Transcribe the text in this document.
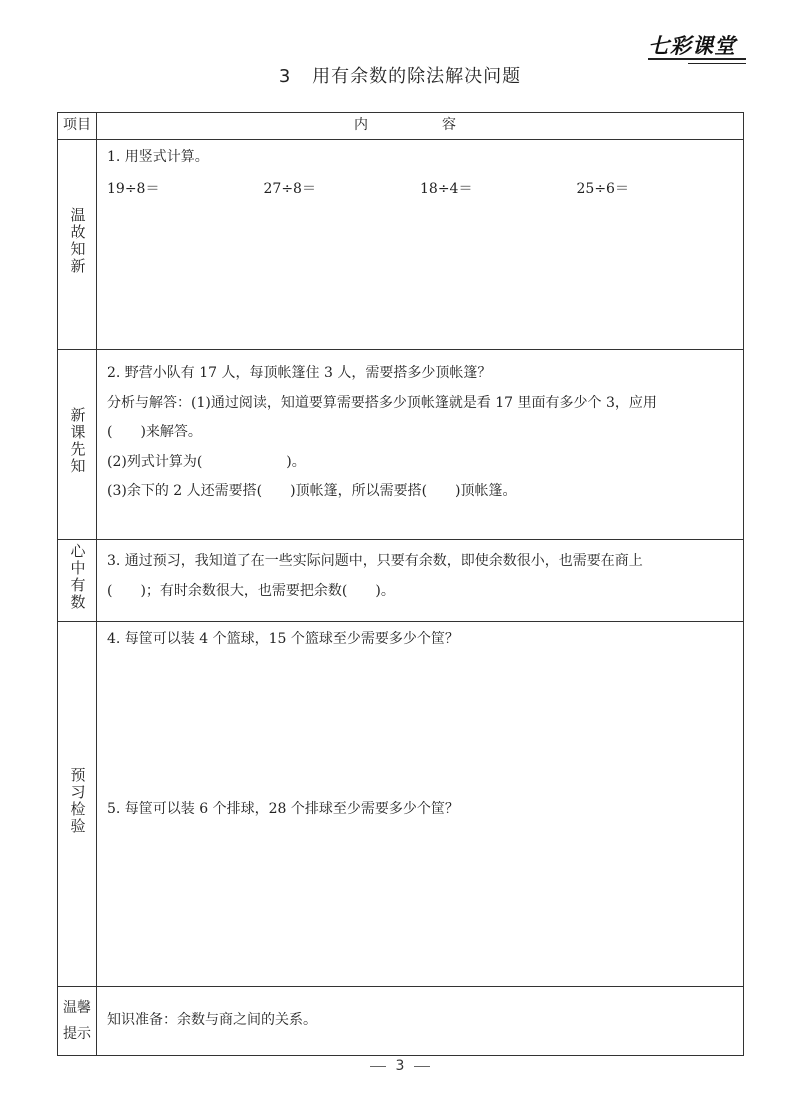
七彩课堂
3 用有余数的除法解决问题
项目	内　容
温故知新	1. 用竖式计算。
19÷8＝ 27÷8＝ 18÷4＝ 25÷6＝

新课先知	2. 野营小队有 17 人，每顶帐篷住 3 人，需要搭多少顶帐篷？
分析与解答：(1)通过阅读，知道要算需要搭多少顶帐篷就是看 17 里面有多少个 3，应用
( )来解答。
(2)列式计算为( )。
(3)余下的 2 人还需要搭( )顶帐篷，所以需要搭( )顶帐篷。

心中有数	3. 通过预习，我知道了在一些实际问题中，只要有余数，即使余数很小，也需要在商上
( )；有时余数很大，也需要把余数( )。

预习检验	4. 每筐可以装 4 个篮球，15 个篮球至少需要多少个筐？
5. 每筐可以装 6 个排球，28 个排球至少需要多少个筐？

温馨
提示	知识准备：余数与商之间的关系。
3
